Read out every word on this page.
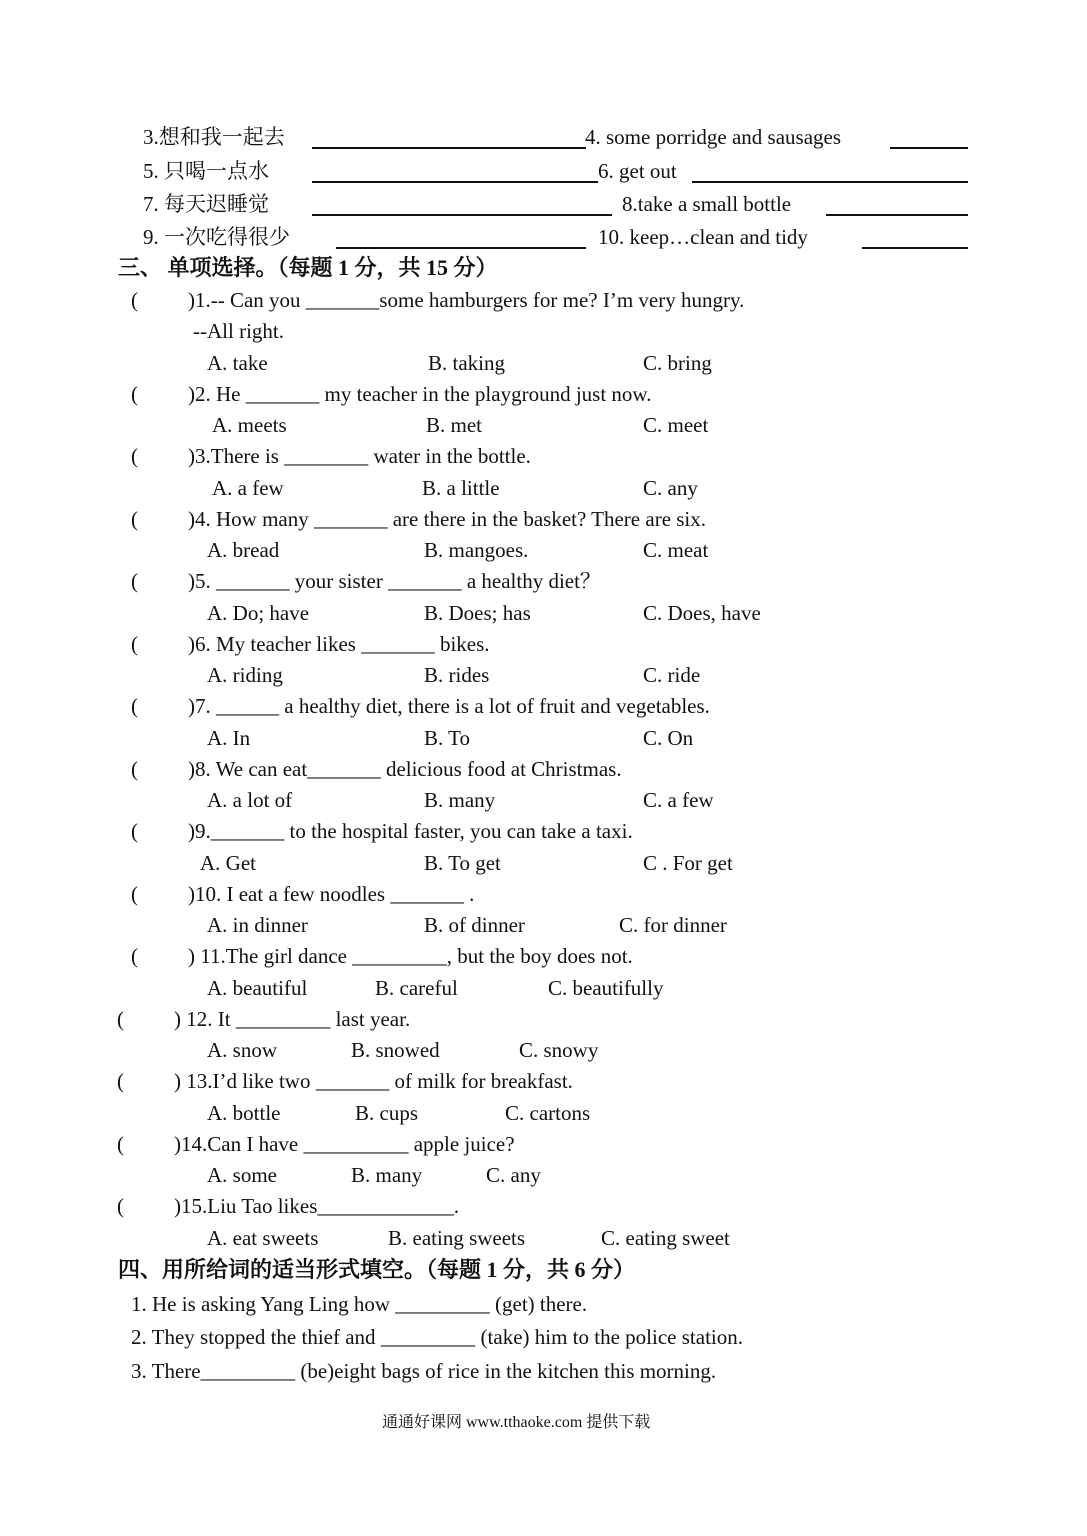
3.想和我一起去	4. some porridge and sausages
5. 只喝一点水	6. get out
7. 每天迟睡觉	8.take a small bottle
9. 一次吃得很少	10. keep…clean and tidy
三、 单项选择。（每题 1 分，共 15 分）
( )1.-- Can you _______some hamburgers for me? I’m very hungry.
--All right.
A. take	B. taking	C. bring
( )2. He _______ my teacher in the playground just now.
A. meets	B. met	C. meet
( )3.There is ________ water in the bottle.
A. a few	B. a little	C. any
( )4. How many _______ are there in the basket? There are six.
A. bread	B. mangoes.	C. meat
( )5. _______ your sister _______ a healthy diet？
A. Do; have	B. Does; has	C. Does, have
( )6. My teacher likes _______ bikes.
A. riding	B. rides	C. ride
( )7. ______ a healthy diet, there is a lot of fruit and vegetables.
A. In	B. To	C. On
( )8. We can eat_______ delicious food at Christmas.
A. a lot of	B. many	C. a few
( )9._______ to the hospital faster, you can take a taxi.
A. Get	B. To get	C . For get
( )10. I eat a few noodles _______ .
A. in dinner	B. of dinner	C. for dinner
( ) 11.The girl dance _________, but the boy does not.
A. beautiful	B. careful	C. beautifully
( ) 12. It _________ last year.
A. snow	B. snowed	C. snowy
( ) 13.I’d like two _______ of milk for breakfast.
A. bottle	B. cups	C. cartons
( )14.Can I have __________ apple juice?
A. some	B. many	C. any
( )15.Liu Tao likes_____________.
A. eat sweets	B. eating sweets	C. eating sweet
四、用所给词的适当形式填空。（每题 1 分，共 6 分）
1. He is asking Yang Ling how _________ (get) there.
2. They stopped the thief and _________ (take) him to the police station.
3. There_________ (be)eight bags of rice in the kitchen this morning.
通通好课网 www.tthaoke.com 提供下载
